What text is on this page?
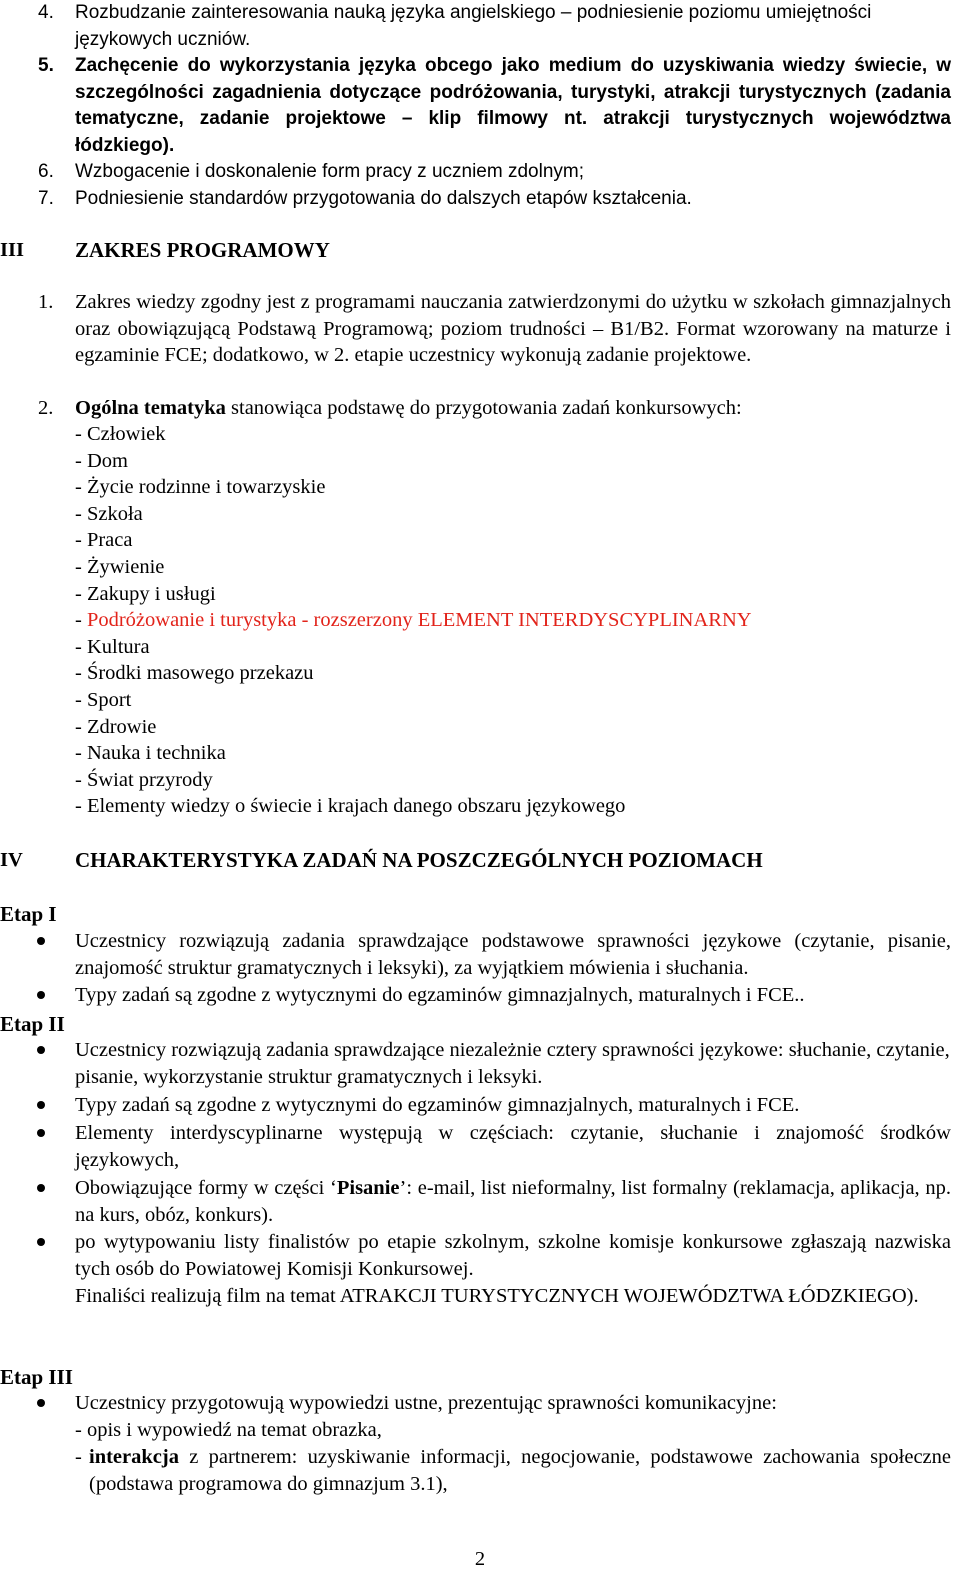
4.	Rozbudzanie zainteresowania nauką języka angielskiego – podniesienie poziomu umiejętności językowych uczniów.
5.	Zachęcenie do wykorzystania języka obcego jako medium do uzyskiwania wiedzy świecie, w szczególności zagadnienia dotyczące podróżowania, turystyki, atrakcji turystycznych (zadania tematyczne, zadanie projektowe – klip filmowy nt. atrakcji turystycznych województwa łódzkiego).
6.	Wzbogacenie i doskonalenie form pracy z uczniem zdolnym;
7.	Podniesienie standardów przygotowania do dalszych etapów kształcenia.
III ZAKRES PROGRAMOWY
1.	Zakres wiedzy zgodny jest z programami nauczania zatwierdzonymi do użytku w szkołach gimnazjalnych oraz obowiązującą Podstawą Programową; poziom trudności – B1/B2. Format wzorowany na maturze i egzaminie FCE; dodatkowo, w 2. etapie uczestnicy wykonują zadanie projektowe.
2.	Ogólna tematyka stanowiąca podstawę do przygotowania zadań konkursowych:
- Człowiek
- Dom
- Życie rodzinne i towarzyskie
- Szkoła
- Praca
- Żywienie
- Zakupy i usługi
- Podróżowanie i turystyka - rozszerzony ELEMENT INTERDYSCYPLINARNY
- Kultura
- Środki masowego przekazu
- Sport
- Zdrowie
- Nauka i technika
- Świat przyrody
- Elementy wiedzy o świecie i krajach danego obszaru językowego
IV CHARAKTERYSTYKA ZADAŃ NA POSZCZEGÓLNYCH POZIOMACH
Etap I
Uczestnicy rozwiązują zadania sprawdzające podstawowe sprawności językowe (czytanie, pisanie, znajomość struktur gramatycznych i leksyki), za wyjątkiem mówienia i słuchania.
Typy zadań są zgodne z wytycznymi do egzaminów gimnazjalnych, maturalnych i FCE..
Etap II
Uczestnicy rozwiązują zadania sprawdzające niezależnie cztery sprawności językowe: słuchanie, czytanie, pisanie, wykorzystanie struktur gramatycznych i leksyki.
Typy zadań są zgodne z wytycznymi do egzaminów gimnazjalnych, maturalnych i FCE.
Elementy interdyscyplinarne występują w częściach: czytanie, słuchanie i znajomość środków językowych,
Obowiązujące formy w części ‘Pisanie’: e-mail, list nieformalny, list formalny (reklamacja, aplikacja, np. na kurs, obóz, konkurs).
po wytypowaniu listy finalistów po etapie szkolnym, szkolne komisje konkursowe zgłaszają nazwiska tych osób do Powiatowej Komisji Konkursowej.
Finaliści realizują film na temat ATRAKCJI TURYSTYCZNYCH WOJEWÓDZTWA ŁÓDZKIEGO).
Etap III
Uczestnicy przygotowują wypowiedzi ustne, prezentując sprawności komunikacyjne:
- opis i wypowiedź na temat obrazka,
- interakcja z partnerem: uzyskiwanie informacji, negocjowanie, podstawowe zachowania społeczne (podstawa programowa do gimnazjum 3.1),
2
